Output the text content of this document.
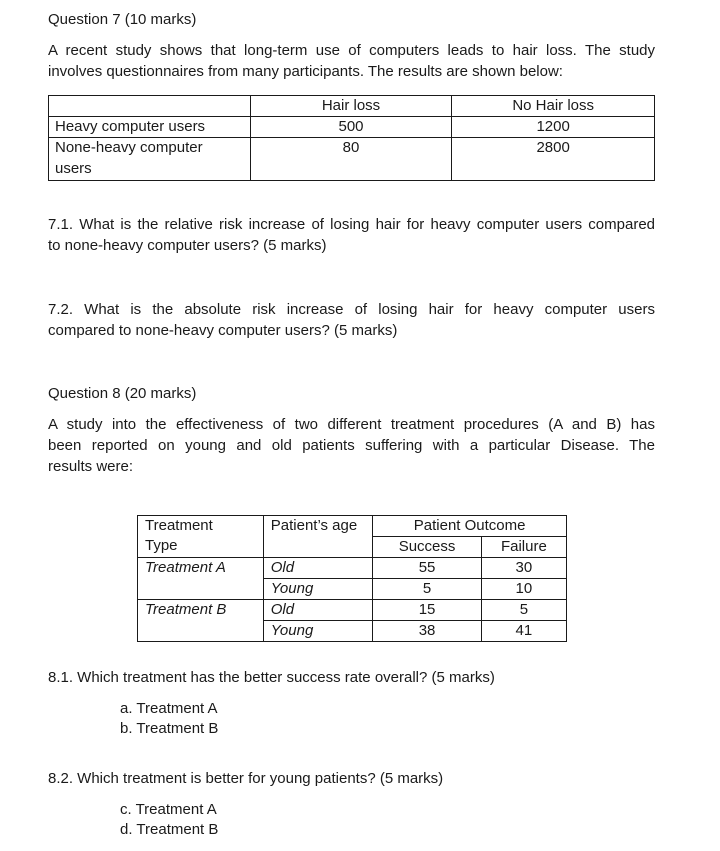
Question 7 (10 marks)
A recent study shows that long-term use of computers leads to hair loss. The study
involves questionnaires from many participants. The results are shown below:
	Hair loss	No Hair loss
Heavy computer users	500	1200

None-heavy computer
users	80	2800
7.1. What is the relative risk increase of losing hair for heavy computer users compared
to none-heavy computer users? (5 marks)
7.2. What is the absolute risk increase of losing hair for heavy computer users
compared to none-heavy computer users? (5 marks)
Question 8 (20 marks)
A study into the effectiveness of two different treatment procedures (A and B) has
been reported on young and old patients suffering with a particular Disease. The
results were:
Treatment
Type	Patient’s age	Patient Outcome	
		Success	Failure
Treatment A	Old	55	30
	Young	5	10
Treatment B	Old	15	5
	Young	38	41
8.1. Which treatment has the better success rate overall? (5 marks)
a. Treatment A
b. Treatment B
8.2. Which treatment is better for young patients? (5 marks)
c. Treatment A
d. Treatment B
